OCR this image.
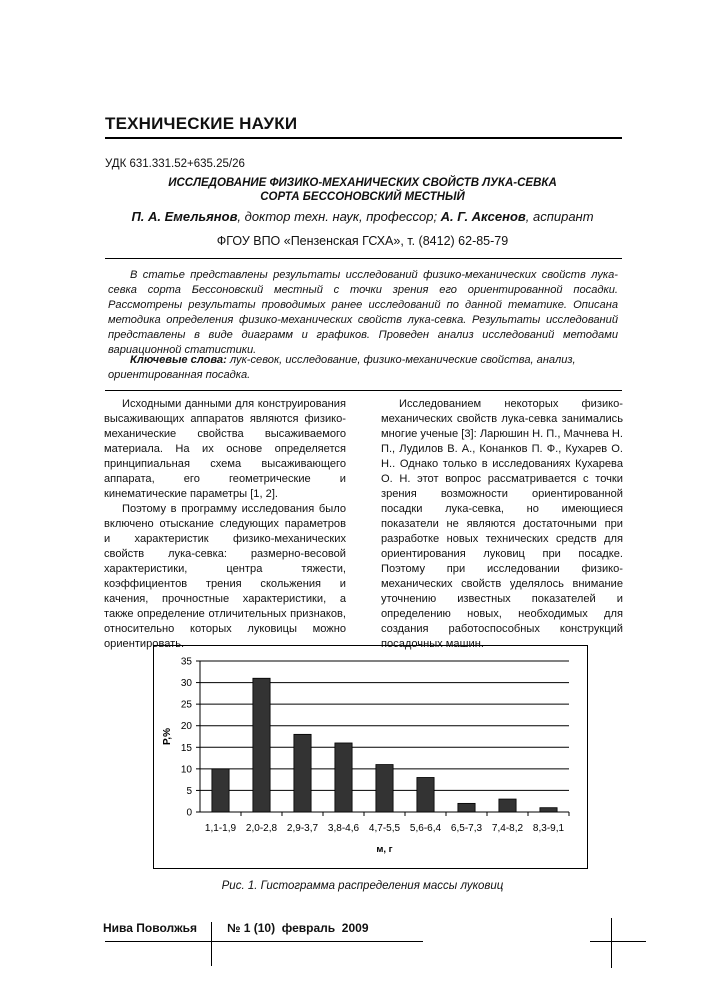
ТЕХНИЧЕСКИЕ НАУКИ
УДК 631.331.52+635.25/26
ИССЛЕДОВАНИЕ ФИЗИКО-МЕХАНИЧЕСКИХ СВОЙСТВ ЛУКА-СЕВКА
СОРТА БЕССОНОВСКИЙ МЕСТНЫЙ
П. А. Емельянов, доктор техн. наук, профессор; А. Г. Аксенов, аспирант
ФГОУ ВПО «Пензенская ГСХА», т. (8412) 62-85-79
В статье представлены результаты исследований физико-механических свойств лука-севка сорта Бессоновский местный с точки зрения его ориентированной посадки. Рассмотрены результаты проводимых ранее исследований по данной тематике. Описана методика определения физико-механических свойств лука-севка. Результаты исследований представлены в виде диаграмм и графиков. Проведен анализ исследований методами вариационной статистики.
Ключевые слова: лук-севок, исследование, физико-механические свойства, анализ, ориентированная посадка.

Исходными данными для конструирования высаживающих аппаратов являются физико-механические свойства высаживаемого материала. На их основе определяется принципиальная схема высаживающего аппарата, его геометрические и кинематические параметры [1, 2].

Поэтому в программу исследования было включено отыскание следующих параметров и характеристик физико-механических свойств лука-севка: размерно-весовой характеристики, центра тяжести, коэффициентов трения скольжения и качения, прочностные характеристики, а также определение отличительных признаков, относительно которых луковицы можно ориентировать.

Исследованием некоторых физико-механических свойств лука-севка занимались многие ученые [3]: Ларюшин Н. П., Мачнева Н. П., Лудилов В. А., Конанков П. Ф., Кухарев О. Н.. Однако только в исследованиях Кухарева О. Н. этот вопрос рассматривается с точки зрения возможности ориентированной посадки лука-севка, но имеющиеся показатели не являются достаточными при разработке новых технических средств для ориентирования луковиц при посадке. Поэтому при исследовании физико-механических свойств уделялось внимание уточнению известных показателей и определению новых, необходимых для создания работоспособных конструкций посадочных машин.

0
5
10
15
20
25
30
35
1,1-1,9 2,0-2,8 2,9-3,7 3,8-4,6 4,7-5,5 5,6-6,4 6,5-7,3 7,4-8,2 8,3-9,1
Р,%
м, г
Рис. 1. Гистограмма распределения массы луковиц
Нива Поволжья	№ 1 (10)  февраль  2009
